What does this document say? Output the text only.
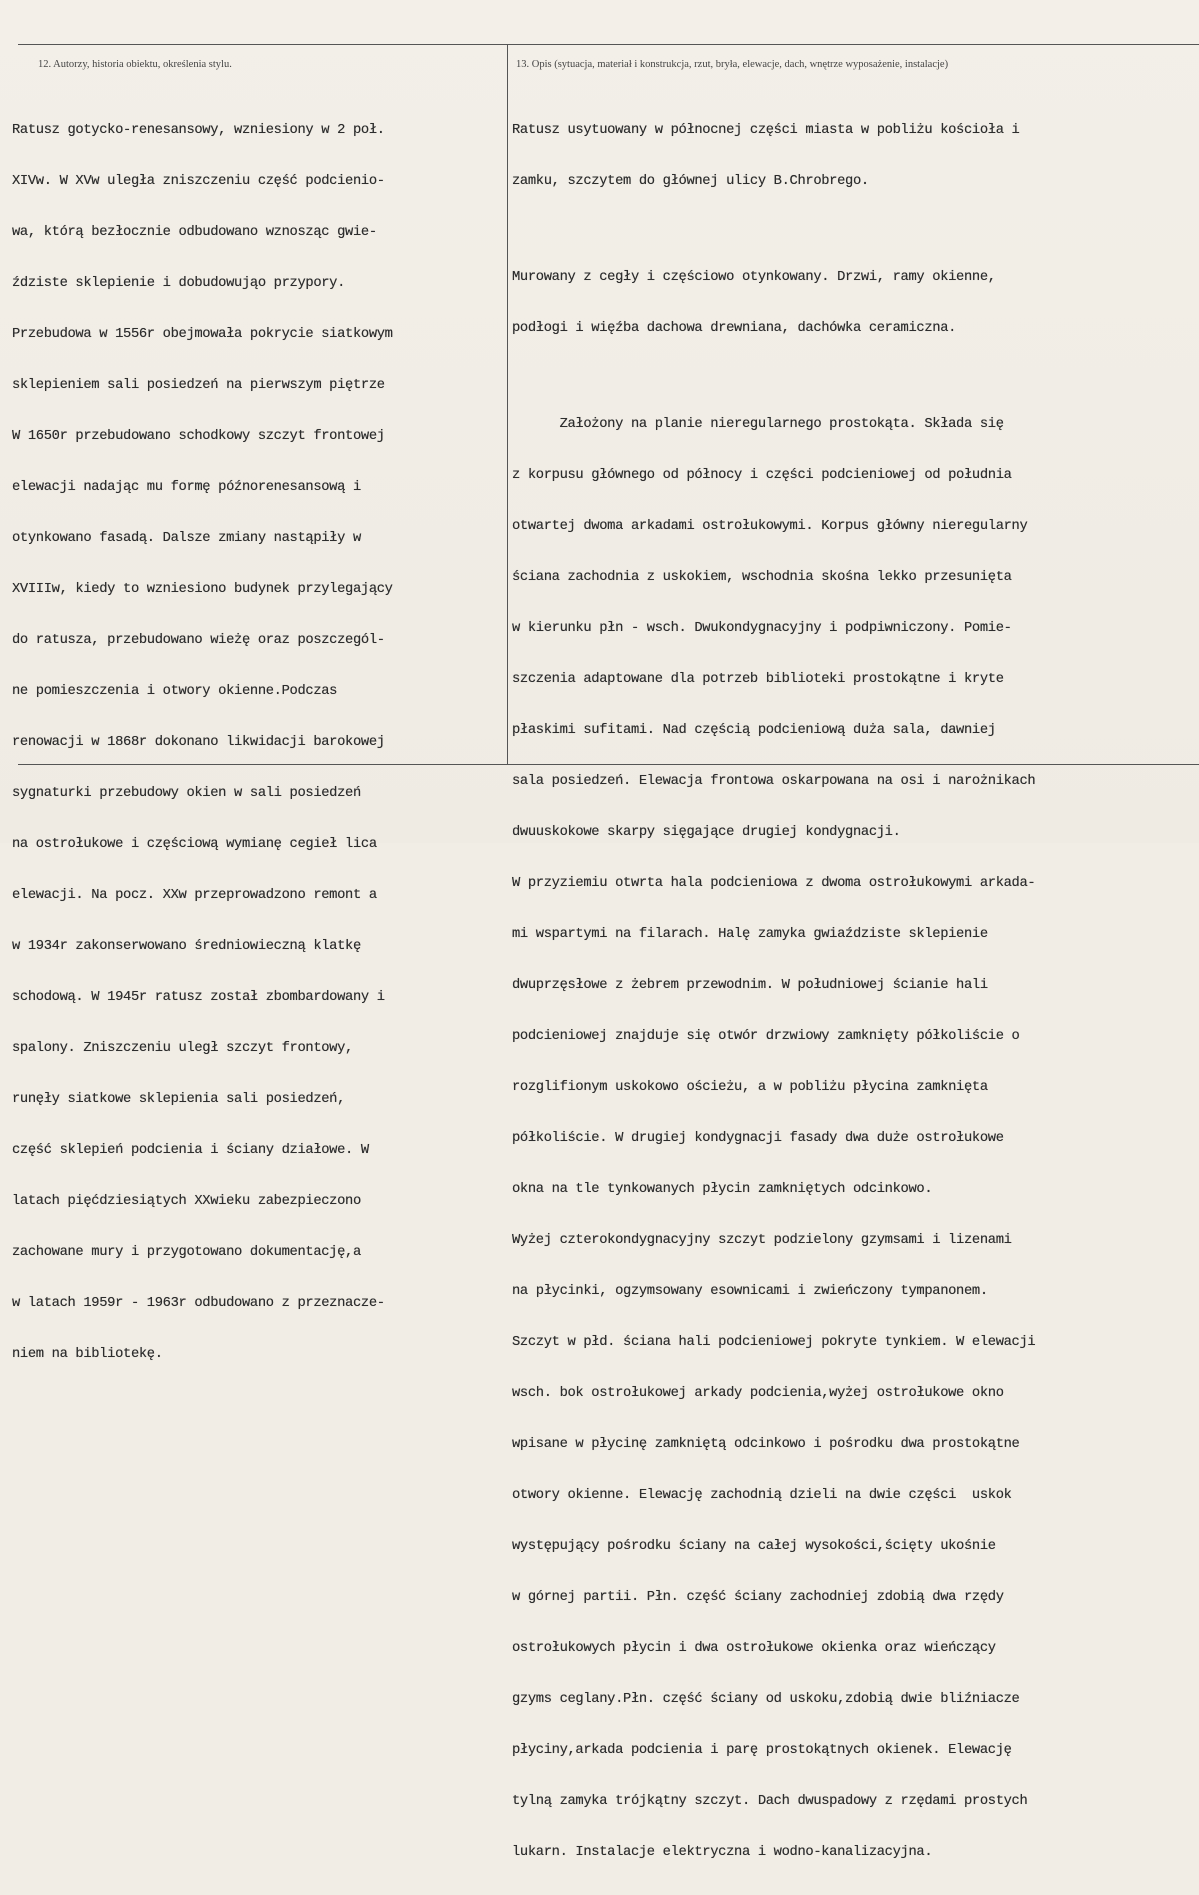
12. Autorzy, historia obiektu, określenia stylu.	13. Opis (sytuacja, materiał i konstrukcja, rzut, bryła, elewacje, dach, wnętrze wyposażenie, instalacje)

Ratusz gotycko-renesansowy, wzniesiony w 2 poł.

XIVw. W XVw uległa zniszczeniu część podcienio-

wa, którą bezłocznie odbudowano wznosząc gwie-

ździste sklepienie i dobudowująo przypory.

Przebudowa w 1556r obejmowała pokrycie siatkowym

sklepieniem sali posiedzeń na pierwszym piętrze

W 1650r przebudowano schodkowy szczyt frontowej

elewacji nadając mu formę późnorenesansową i

otynkowano fasadą. Dalsze zmiany nastąpiły w

XVIIIw, kiedy to wzniesiono budynek przylegający

do ratusza, przebudowano wieżę oraz poszczegól-

ne pomieszczenia i otwory okienne.Podczas

renowacji w 1868r dokonano likwidacji barokowej

sygnaturki przebudowy okien w sali posiedzeń

na ostrołukowe i częściową wymianę cegieł lica

elewacji. Na pocz. XXw przeprowadzono remont a

w 1934r zakonserwowano średniowieczną klatkę

schodową. W 1945r ratusz został zbombardowany i

spalony. Zniszczeniu uległ szczyt frontowy,

runęły siatkowe sklepienia sali posiedzeń,

część sklepień podcienia i ściany działowe. W

latach pięćdziesiątych XXwieku zabezpieczono

zachowane mury i przygotowano dokumentację,a

w latach 1959r - 1963r odbudowano z przeznacze-

niem na bibliotekę.

Ratusz usytuowany w północnej części miasta w pobliżu kościoła i

zamku, szczytem do głównej ulicy B.Chrobrego.

Murowany z cegły i częściowo otynkowany. Drzwi, ramy okienne,

podłogi i więźba dachowa drewniana, dachówka ceramiczna.

Założony na planie nieregularnego prostokąta. Składa się

z korpusu głównego od północy i części podcieniowej od południa

otwartej dwoma arkadami ostrołukowymi. Korpus główny nieregularny

ściana zachodnia z uskokiem, wschodnia skośna lekko przesunięta

w kierunku płn - wsch. Dwukondygnacyjny i podpiwniczony. Pomie-

szczenia adaptowane dla potrzeb biblioteki prostokątne i kryte

płaskimi sufitami. Nad częścią podcieniową duża sala, dawniej

sala posiedzeń. Elewacja frontowa oskarpowana na osi i narożnikach

dwuuskokowe skarpy sięgające drugiej kondygnacji.

W przyziemiu otwrta hala podcieniowa z dwoma ostrołukowymi arkada-

mi wspartymi na filarach. Halę zamyka gwiaździste sklepienie

dwuprzęsłowe z żebrem przewodnim. W południowej ścianie hali

podcieniowej znajduje się otwór drzwiowy zamknięty półkoliście o

rozglifionym uskokowo ościeżu, a w pobliżu płycina zamknięta

półkoliście. W drugiej kondygnacji fasady dwa duże ostrołukowe

okna na tle tynkowanych płycin zamkniętych odcinkowo.

Wyżej czterokondygnacyjny szczyt podzielony gzymsami i lizenami

na płycinki, ogzymsowany esownicami i zwieńczony tympanonem.

Szczyt w płd. ściana hali podcieniowej pokryte tynkiem. W elewacji

wsch. bok ostrołukowej arkady podcienia,wyżej ostrołukowe okno

wpisane w płycinę zamkniętą odcinkowo i pośrodku dwa prostokątne

otwory okienne. Elewację zachodnią dzieli na dwie części  uskok

występujący pośrodku ściany na całej wysokości,ścięty ukośnie

w górnej partii. Płn. część ściany zachodniej zdobią dwa rzędy

ostrołukowych płycin i dwa ostrołukowe okienka oraz wieńczący

gzyms ceglany.Płn. część ściany od uskoku,zdobią dwie bliźniacze

płyciny,arkada podcienia i parę prostokątnych okienek. Elewację

tylną zamyka trójkątny szczyt. Dach dwuspadowy z rzędami prostych

lukarn. Instalacje elektryczna i wodno-kanalizacyjna.
